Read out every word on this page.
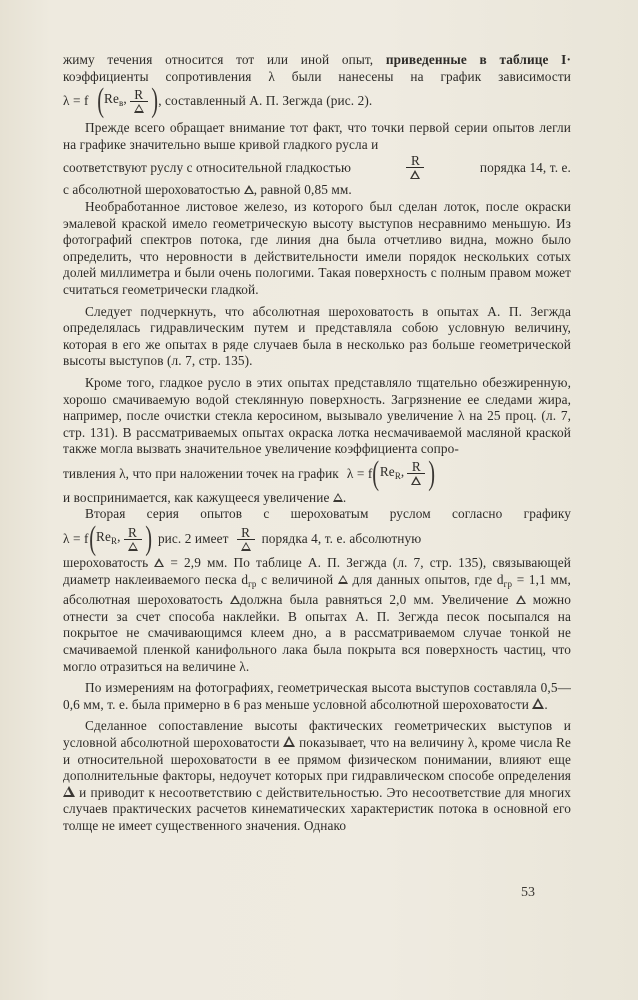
жиму течения относится тот или иной опыт, приведенные в таблице I·

коэффициенты сопротивления λ были нанесены на график зависимости

λ = f ( $Re_в$, R ) , составленный А. П. Зегжда (рис. 2).

Прежде всего обращает внимание тот факт, что точки первой серии опытов легли на графике значительно выше кривой гладкого русла и

соответствуют руслу с относительной гладкостью	R	порядка 14, т. е.

с абсолютной шероховатостью , равной 0,85 мм.

Необработанное листовое железо, из которого был сделан лоток, после окраски эмалевой краской имело геометрическую высоту выступов несравнимо меньшую. Из фотографий спектров потока, где линия дна была отчетливо видна, можно было определить, что неровности в действительности имели порядок нескольких сотых долей миллиметра и были очень пологими. Такая поверхность с полным правом может считаться геометрически гладкой.

Следует подчеркнуть, что абсолютная шероховатость в опытах А. П. Зегжда определялась гидравлическим путем и представляла собою условную величину, которая в его же опытах в ряде случаев была в несколько раз больше геометрической высоты выступов (л. 7, стр. 135).

Кроме того, гладкое русло в этих опытах представляло тщательно обезжиренную, хорошо смачиваемую водой стеклянную поверхность. Загрязнение ее следами жира, например, после очистки стекла керосином, вызывало увеличение λ на 25 проц. (л. 7, стр. 131). В рассматриваемых опытах окраска лотка несмачиваемой масляной краской также могла вызвать значительное увеличение коэффициента сопро-

тивления λ, что при наложении точек на график λ = f ( $Re_R$, R )

и воспринимается, как кажущееся увеличение .

Вторая серия опытов с шероховатым руслом согласно графику

λ = f ( $Re_R$, R ) рис. 2 имеет R порядка 4, т. е. абсолютную

шероховатость = 2,9 мм. По таблице А. П. Зегжда (л. 7, стр. 135), связывающей диаметр наклеиваемого песка $d_{гр}$ с величиной для данных опытов, где $d_{гр} = 1,1$ мм, абсолютная шероховатость должна была равняться 2,0 мм. Увеличение можно отнести за счет способа наклейки. В опытах А. П. Зегжда песок посыпался на покрытое не смачивающимся клеем дно, а в рассматриваемом случае тонкой не смачиваемой пленкой канифольного лака была покрыта вся поверхность частиц, что могло отразиться на величине λ.

По измерениям на фотографиях, геометрическая высота выступов составляла 0,5—0,6 мм, т. е. была примерно в 6 раз меньше условной абсолютной шероховатости .

Сделанное сопоставление высоты фактических геометрических выступов и условной абсолютной шероховатости показывает, что на величину λ, кроме числа Re и относительной шероховатости в ее прямом физическом понимании, влияют еще дополнительные факторы, недоучет которых при гидравлическом способе определения  и приводит к несоответствию с действительностью. Это несоответствие для многих случаев практических расчетов кинематических характеристик потока в основной его толще не имеет существенного значения. Однако

53
